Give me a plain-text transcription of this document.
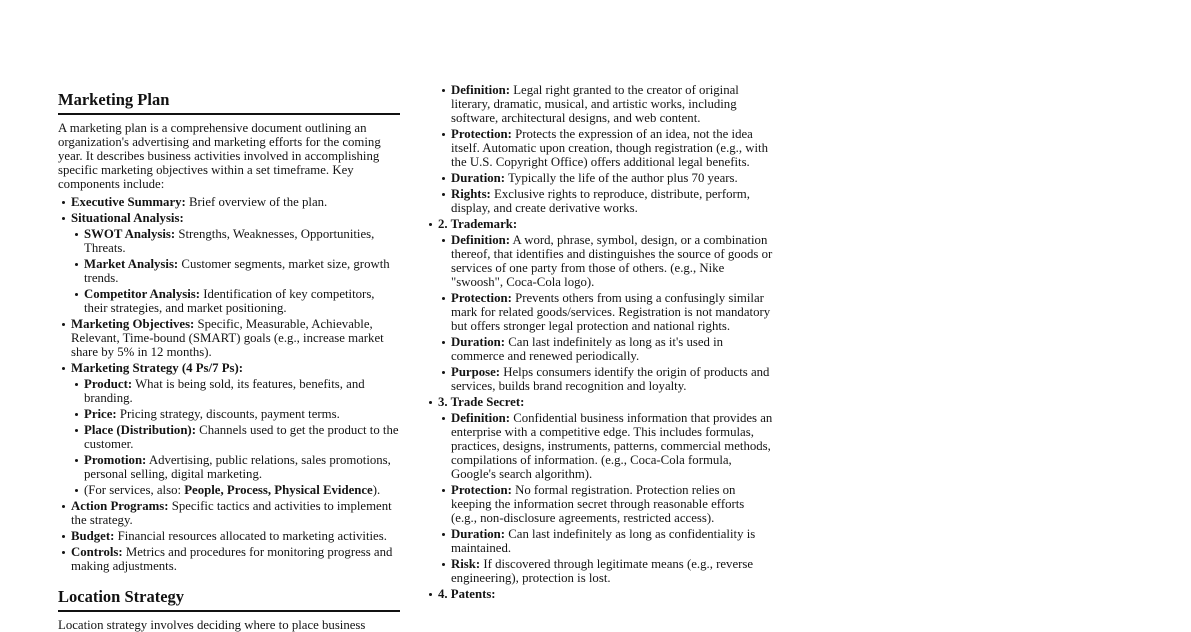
Marketing Plan

A marketing plan is a comprehensive document outlining an organization's advertising and marketing efforts for the coming year. It describes business activities involved in accomplishing specific marketing objectives within a set timeframe. Key components include:

Executive Summary: Brief overview of the plan.
Situational Analysis:
SWOT Analysis: Strengths, Weaknesses, Opportunities, Threats.
Market Analysis: Customer segments, market size, growth trends.
Competitor Analysis: Identification of key competitors, their strategies, and market positioning.
Marketing Objectives: Specific, Measurable, Achievable, Relevant, Time-bound (SMART) goals (e.g., increase market share by 5% in 12 months).
Marketing Strategy (4 Ps/7 Ps):
Product: What is being sold, its features, benefits, and branding.
Price: Pricing strategy, discounts, payment terms.
Place (Distribution): Channels used to get the product to the customer.
Promotion: Advertising, public relations, sales promotions, personal selling, digital marketing.
(For services, also: People, Process, Physical Evidence).
Action Programs: Specific tactics and activities to implement the strategy.
Budget: Financial resources allocated to marketing activities.
Controls: Metrics and procedures for monitoring progress and making adjustments.
Location Strategy

Location strategy involves deciding where to place business

Definition: Legal right granted to the creator of original literary, dramatic, musical, and artistic works, including software, architectural designs, and web content.
Protection: Protects the expression of an idea, not the idea itself. Automatic upon creation, though registration (e.g., with the U.S. Copyright Office) offers additional legal benefits.
Duration: Typically the life of the author plus 70 years.
Rights: Exclusive rights to reproduce, distribute, perform, display, and create derivative works.
2. Trademark:
Definition: A word, phrase, symbol, design, or a combination thereof, that identifies and distinguishes the source of goods or services of one party from those of others. (e.g., Nike "swoosh", Coca-Cola logo).
Protection: Prevents others from using a confusingly similar mark for related goods/services. Registration is not mandatory but offers stronger legal protection and national rights.
Duration: Can last indefinitely as long as it's used in commerce and renewed periodically.
Purpose: Helps consumers identify the origin of products and services, builds brand recognition and loyalty.
3. Trade Secret:
Definition: Confidential business information that provides an enterprise with a competitive edge. This includes formulas, practices, designs, instruments, patterns, commercial methods, compilations of information. (e.g., Coca-Cola formula, Google's search algorithm).
Protection: No formal registration. Protection relies on keeping the information secret through reasonable efforts (e.g., non-disclosure agreements, restricted access).
Duration: Can last indefinitely as long as confidentiality is maintained.
Risk: If discovered through legitimate means (e.g., reverse engineering), protection is lost.
4. Patents:
